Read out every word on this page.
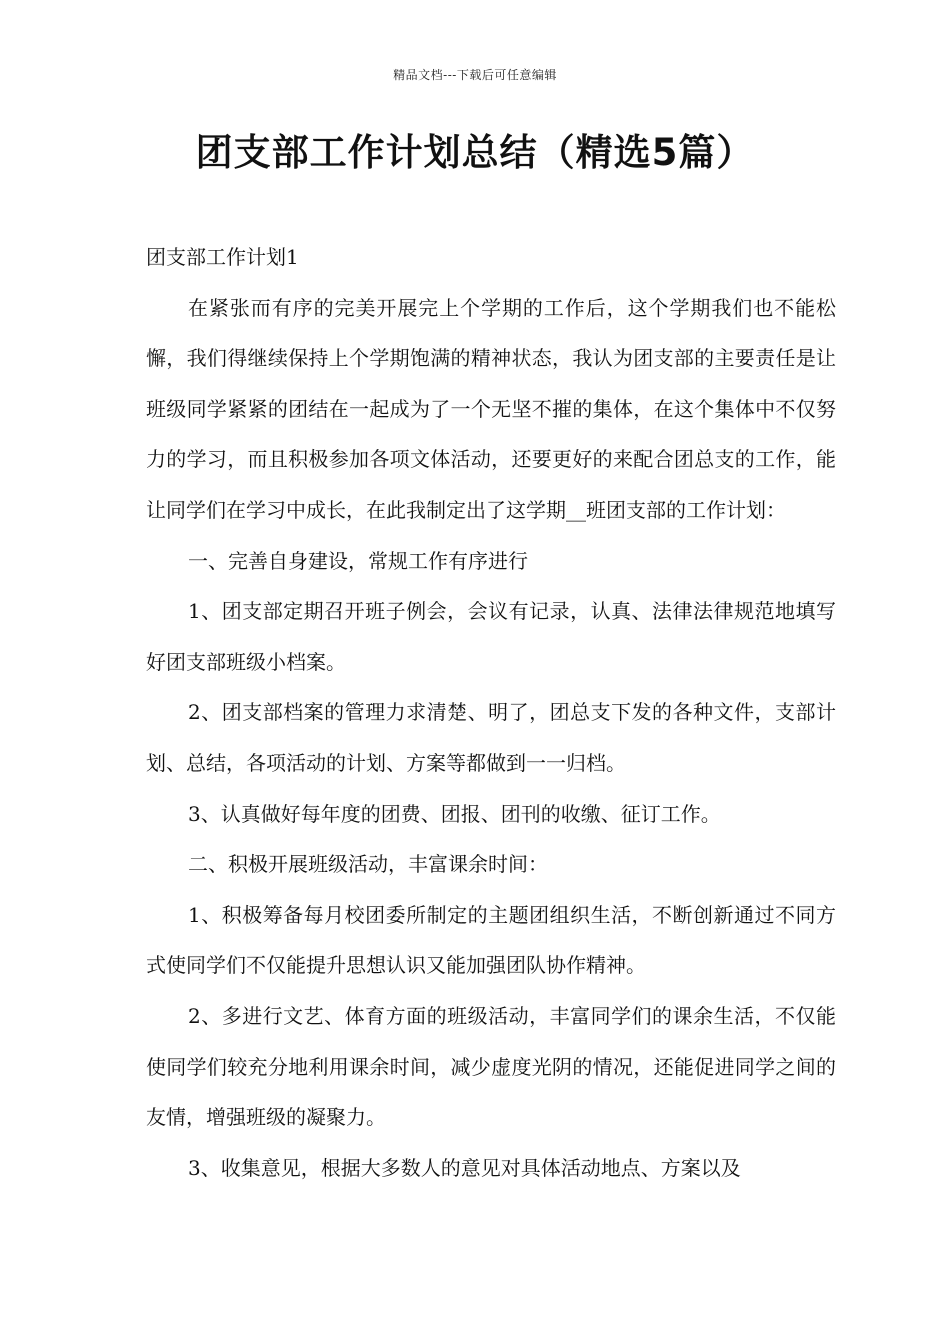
精品文档---下载后可任意编辑
团支部工作计划总结（精选5篇）

团支部工作计划1

在紧张而有序的完美开展完上个学期的工作后，这个学期我们也不能松懈，我们得继续保持上个学期饱满的精神状态，我认为团支部的主要责任是让班级同学紧紧的团结在一起成为了一个无坚不摧的集体，在这个集体中不仅努力的学习，而且积极参加各项文体活动，还要更好的来配合团总支的工作，能让同学们在学习中成长，在此我制定出了这学期__班团支部的工作计划：

一、完善自身建设，常规工作有序进行

1、团支部定期召开班子例会，会议有记录，认真、法律法律规范地填写好团支部班级小档案。

2、团支部档案的管理力求清楚、明了，团总支下发的各种文件，支部计划、总结，各项活动的计划、方案等都做到一一归档。

3、认真做好每年度的团费、团报、团刊的收缴、征订工作。

二、积极开展班级活动，丰富课余时间：

1、积极筹备每月校团委所制定的主题团组织生活，不断创新通过不同方式使同学们不仅能提升思想认识又能加强团队协作精神。

2、多进行文艺、体育方面的班级活动，丰富同学们的课余生活，不仅能使同学们较充分地利用课余时间，减少虚度光阴的情况，还能促进同学之间的友情，增强班级的凝聚力。

3、收集意见，根据大多数人的意见对具体活动地点、方案以及
